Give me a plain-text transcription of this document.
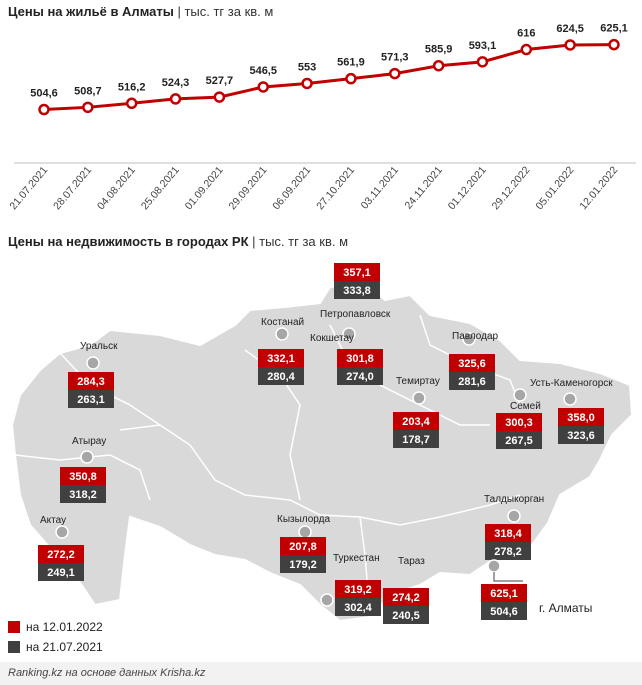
Цены на жильё в Алматы | тыс. тг за кв. м
504,6
21.07.2021
508,7
28.07.2021
516,2
04.08.2021
524,3
25.08.2021
527,7
01.09.2021
546,5
29.09.2021
553
06.09.2021
561,9
27.10.2021
571,3
03.11.2021
585,9
24.11.2021
593,1
01.12.2021
616
29.12.2022
624,5
05.01.2022
625,1
12.01.2022
Цены на недвижимость в городах РК | тыс. тг за кв. м
Петропавловск
357,1
333,8
Костанай
332,1
280,4
Кокшетау
301,8
274,0
Павлодар
325,6
281,6
Уральск
284,3
263,1
Темиртау
203,4
178,7
Семей
300,3
267,5
Усть-Каменогорск
358,0
323,6
Атырау
350,8
318,2
Актау
272,2
249,1
Кызылорда
207,8
179,2
Туркестан
319,2
302,4
Тараз
274,2
240,5
Талдыкорган
318,4
278,2
г. Алматы
625,1
504,6
на 12.01.2022
на 21.07.2021
Ranking.kz на основе данных Krisha.kz
